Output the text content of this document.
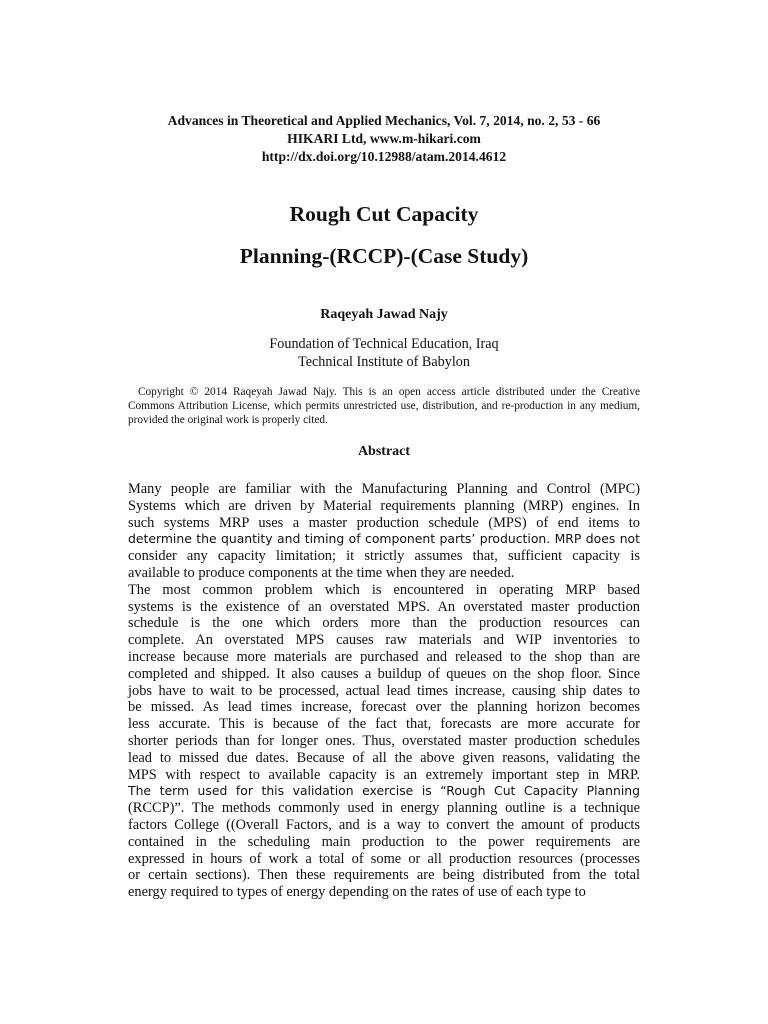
Advances in Theoretical and Applied Mechanics, Vol. 7, 2014, no. 2, 53 - 66
HIKARI Ltd, www.m-hikari.com
http://dx.doi.org/10.12988/atam.2014.4612
Rough Cut Capacity
Planning-(RCCP)-(Case Study)
Raqeyah Jawad Najy
Foundation of Technical Education, Iraq
Technical Institute of Babylon
Copyright © 2014 Raqeyah Jawad Najy. This is an open access article distributed under the Creative Commons Attribution License, which permits unrestricted use, distribution, and re-production in any medium, provided the original work is properly cited.
Abstract
Many people are familiar with the Manufacturing Planning and Control (MPC)
Systems which are driven by Material requirements planning (MRP) engines. In
such systems MRP uses a master production schedule (MPS) of end items to
determine the quantity and timing of component parts’ production. MRP does not
consider any capacity limitation; it strictly assumes that, sufficient capacity is
available to produce components at the time when they are needed.
The most common problem which is encountered in operating MRP based
systems is the existence of an overstated MPS. An overstated master production
schedule is the one which orders more than the production resources can
complete. An overstated MPS causes raw materials and WIP inventories to
increase because more materials are purchased and released to the shop than are
completed and shipped. It also causes a buildup of queues on the shop floor. Since
jobs have to wait to be processed, actual lead times increase, causing ship dates to
be missed. As lead times increase, forecast over the planning horizon becomes
less accurate. This is because of the fact that, forecasts are more accurate for
shorter periods than for longer ones. Thus, overstated master production schedules
lead to missed due dates. Because of all the above given reasons, validating the
MPS with respect to available capacity is an extremely important step in MRP.
The term used for this validation exercise is “Rough Cut Capacity Planning
(RCCP)”. The methods commonly used in energy planning outline is a technique
factors College ((Overall Factors, and is a way to convert the amount of products
contained in the scheduling main production to the power requirements are
expressed in hours of work a total of some or all production resources (processes
or certain sections). Then these requirements are being distributed from the total
energy required to types of energy depending on the rates of use of each type to
